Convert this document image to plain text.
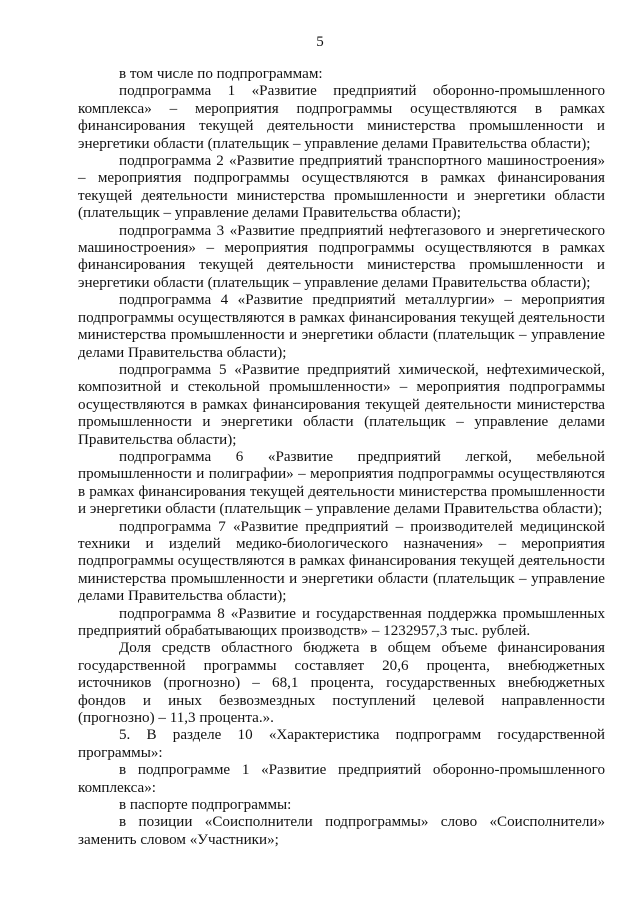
5

в том числе по подпрограммам:

подпрограмма 1 «Развитие предприятий оборонно-промышленного комплекса» – мероприятия подпрограммы осуществляются в рамках финансирования текущей деятельности министерства промышленности и энергетики области (плательщик – управление делами Правительства области);

подпрограмма 2 «Развитие предприятий транспортного машиностроения» – мероприятия подпрограммы осуществляются в рамках финансирования текущей деятельности министерства промышленности и энергетики области (плательщик – управление делами Правительства области);

подпрограмма 3 «Развитие предприятий нефтегазового и энергетического машиностроения» – мероприятия подпрограммы осуществляются в рамках финансирования текущей деятельности министерства промышленности и энергетики области (плательщик – управление делами Правительства области);

подпрограмма 4 «Развитие предприятий металлургии» – мероприятия подпрограммы осуществляются в рамках финансирования текущей деятельности министерства промышленности и энергетики области (плательщик – управление делами Правительства области);

подпрограмма 5 «Развитие предприятий химической, нефтехимической, композитной и стекольной промышленности» – мероприятия подпрограммы осуществляются в рамках финансирования текущей деятельности министерства промышленности и энергетики области (плательщик – управление делами Правительства области);

подпрограмма 6 «Развитие предприятий легкой, мебельной промышленности и полиграфии» – мероприятия подпрограммы осуществляются в рамках финансирования текущей деятельности министерства промышленности и энергетики области (плательщик – управление делами Правительства области);

подпрограмма 7 «Развитие предприятий – производителей медицинской техники и изделий медико-биологического назначения» – мероприятия подпрограммы осуществляются в рамках финансирования текущей деятельности министерства промышленности и энергетики области (плательщик – управление делами Правительства области);

подпрограмма 8 «Развитие и государственная поддержка промышленных предприятий обрабатывающих производств» – 1232957,3 тыс. рублей.

Доля средств областного бюджета в общем объеме финансирования государственной программы составляет 20,6 процента, внебюджетных источников (прогнозно) – 68,1 процента, государственных внебюджетных фондов и иных безвозмездных поступлений целевой направленности (прогнозно) – 11,3 процента.».

5. В разделе 10 «Характеристика подпрограмм государственной программы»:

в подпрограмме 1 «Развитие предприятий оборонно-промышленного комплекса»:

в паспорте подпрограммы:

в позиции «Соисполнители подпрограммы» слово «Соисполнители» заменить словом «Участники»;
